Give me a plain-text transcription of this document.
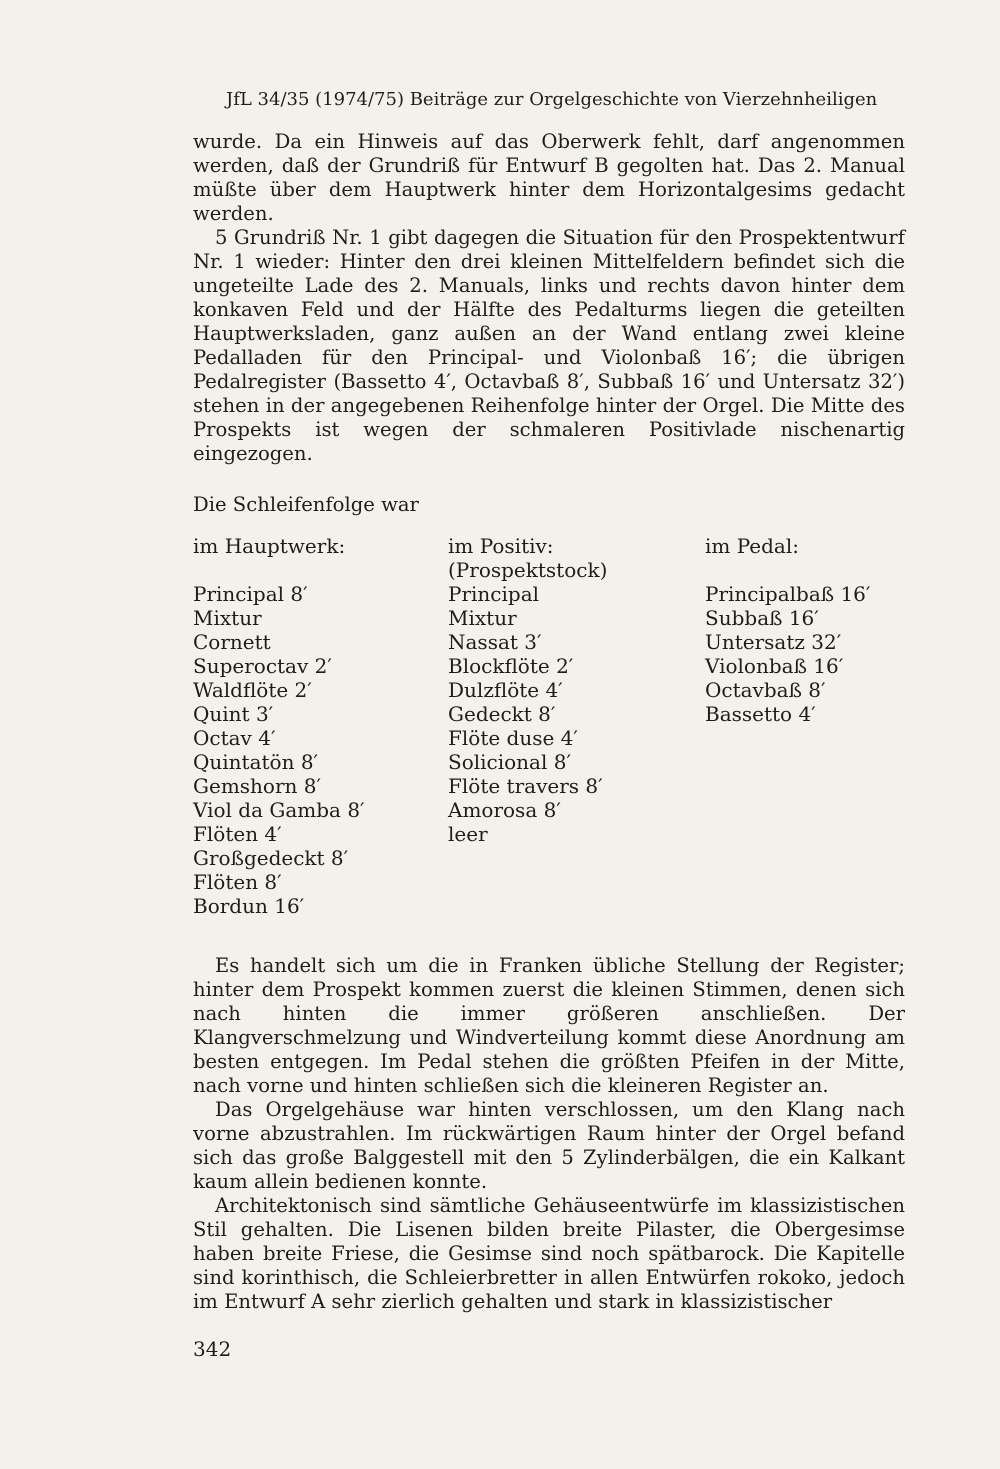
JfL 34/35 (1974/75) Beiträge zur Orgelgeschichte von Vierzehnheiligen

wurde. Da ein Hinweis auf das Oberwerk fehlt, darf angenommen werden, daß der Grundriß für Entwurf B gegolten hat. Das 2. Manual müßte über dem Hauptwerk hinter dem Horizontalgesims gedacht werden.

5 Grundriß Nr. 1 gibt dagegen die Situation für den Prospektentwurf Nr. 1 wieder: Hinter den drei kleinen Mittelfeldern befindet sich die ungeteilte Lade des 2. Manuals, links und rechts davon hinter dem konkaven Feld und der Hälfte des Pedalturms liegen die geteilten Hauptwerksladen, ganz außen an der Wand entlang zwei kleine Pedalladen für den Principal- und Violonbaß 16′; die übrigen Pedalregister (Bassetto 4′, Octavbaß 8′, Subbaß 16′ und Untersatz 32′) stehen in der angegebenen Reihenfolge hinter der Orgel. Die Mitte des Prospekts ist wegen der schmaleren Positivlade nischenartig eingezogen.

Die Schleifenfolge war

im Hauptwerk:
Principal 8′
Mixtur
Cornett
Superoctav 2′
Waldflöte 2′
Quint 3′
Octav 4′
Quintatön 8′
Gemshorn 8′
Viol da Gamba 8′
Flöten 4′
Großgedeckt 8′
Flöten 8′
Bordun 16′
im Positiv:
(Prospektstock)
Principal
Mixtur
Nassat 3′
Blockflöte 2′
Dulzflöte 4′
Gedeckt 8′
Flöte duse 4′
Solicional 8′
Flöte travers 8′
Amorosa 8′
leer
im Pedal:
Principalbaß 16′
Subbaß 16′
Untersatz 32′
Violonbaß 16′
Octavbaß 8′
Bassetto 4′

Es handelt sich um die in Franken übliche Stellung der Register; hinter dem Prospekt kommen zuerst die kleinen Stimmen, denen sich nach hinten die immer größeren anschließen. Der Klangverschmelzung und Windverteilung kommt diese Anordnung am besten entgegen. Im Pedal stehen die größten Pfeifen in der Mitte, nach vorne und hinten schließen sich die kleineren Register an.

Das Orgelgehäuse war hinten verschlossen, um den Klang nach vorne abzustrahlen. Im rückwärtigen Raum hinter der Orgel befand sich das große Balggestell mit den 5 Zylinderbälgen, die ein Kalkant kaum allein bedienen konnte.

Architektonisch sind sämtliche Gehäuseentwürfe im klassizistischen Stil gehalten. Die Lisenen bilden breite Pilaster, die Obergesimse haben breite Friese, die Gesimse sind noch spätbarock. Die Kapitelle sind korinthisch, die Schleierbretter in allen Entwürfen rokoko, jedoch im Entwurf A sehr zierlich gehalten und stark in klassizistischer

342
